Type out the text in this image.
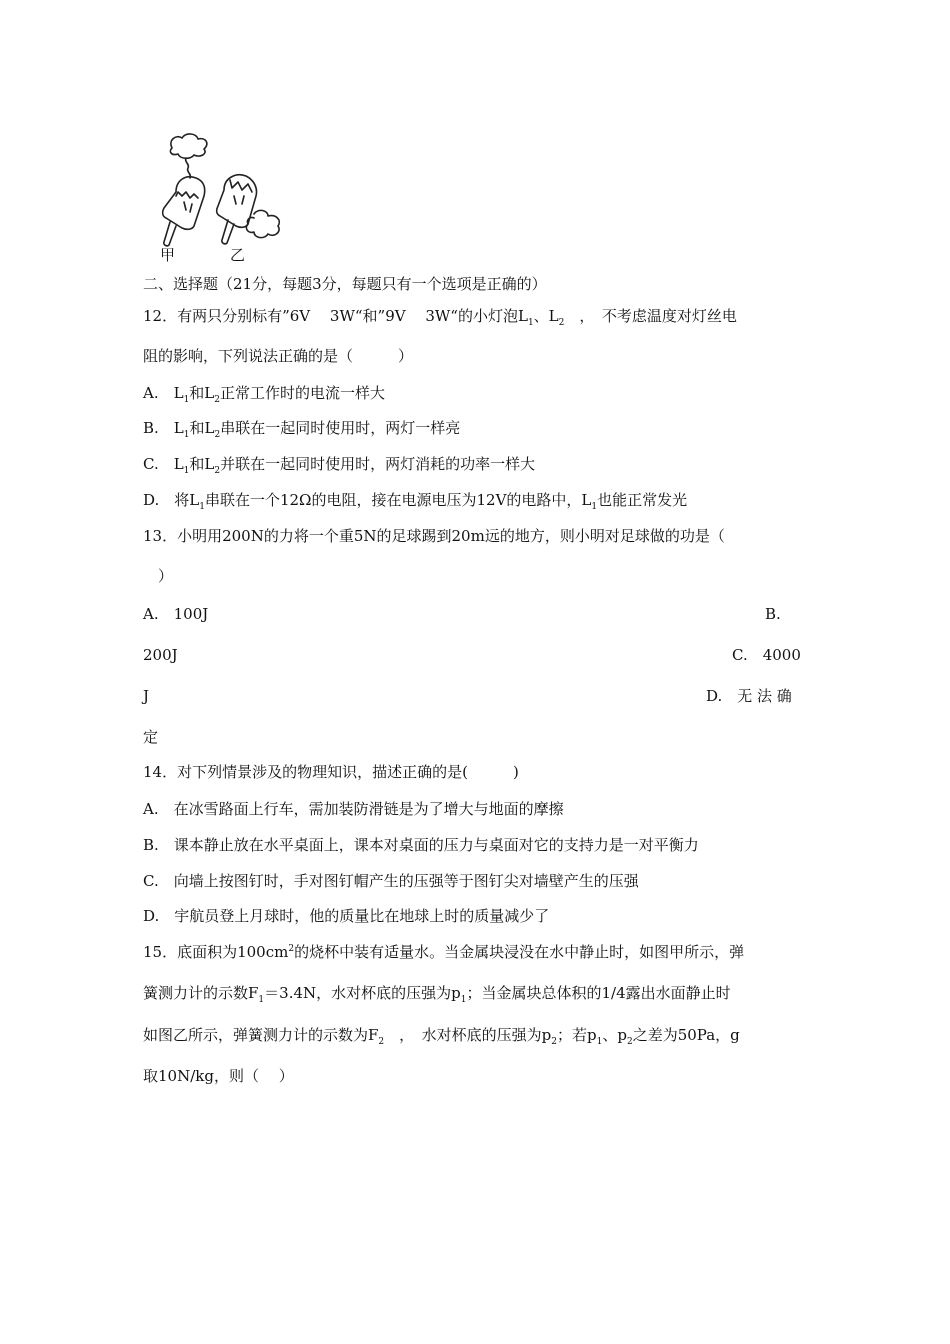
甲	乙
二、选择题（21分，每题3分，每题只有一个选项是正确的）
12．有两只分别标有”6V　 3W“和”9V　 3W“的小灯泡$L_1$、$L_2$　，　不考虑温度对灯丝电
阻的影响，下列说法正确的是（　　　）
A.　$L_1$和$L_2$正常工作时的电流一样大
B.　$L_1$和$L_2$串联在一起同时使用时，两灯一样亮
C.　$L_1$和$L_2$并联在一起同时使用时，两灯消耗的功率一样大
D.　将$L_1$串联在一个12Ω的电阻，接在电源电压为12V的电路中，$L_1$也能正常发光
13．小明用200N的力将一个重5N的足球踢到20m远的地方，则小明对足球做的功是（
　）
A.　100J	B.
200J	C.　4000
J	D.　无 法 确
定
14．对下列情景涉及的物理知识，描述正确的是(　　　)
A.　在冰雪路面上行车，需加装防滑链是为了增大与地面的摩擦
B.　课本静止放在水平桌面上，课本对桌面的压力与桌面对它的支持力是一对平衡力
C.　向墙上按图钉时，手对图钉帽产生的压强等于图钉尖对墙壁产生的压强
D.　宇航员登上月球时，他的质量比在地球上时的质量减少了
15．底面积为$100cm^2$的烧杯中装有适量水。当金属块浸没在水中静止时，如图甲所示，弹
簧测力计的示数$F_1=3.4N$，水对杯底的压强为$p_1$；当金属块总体积的1/4露出水面静止时
如图乙所示，弹簧测力计的示数为$F_2$　，　水对杯底的压强为$p_2$；若$p_1$、$p_2$之差为50Pa，g
取10N/kg，则（　 ）
